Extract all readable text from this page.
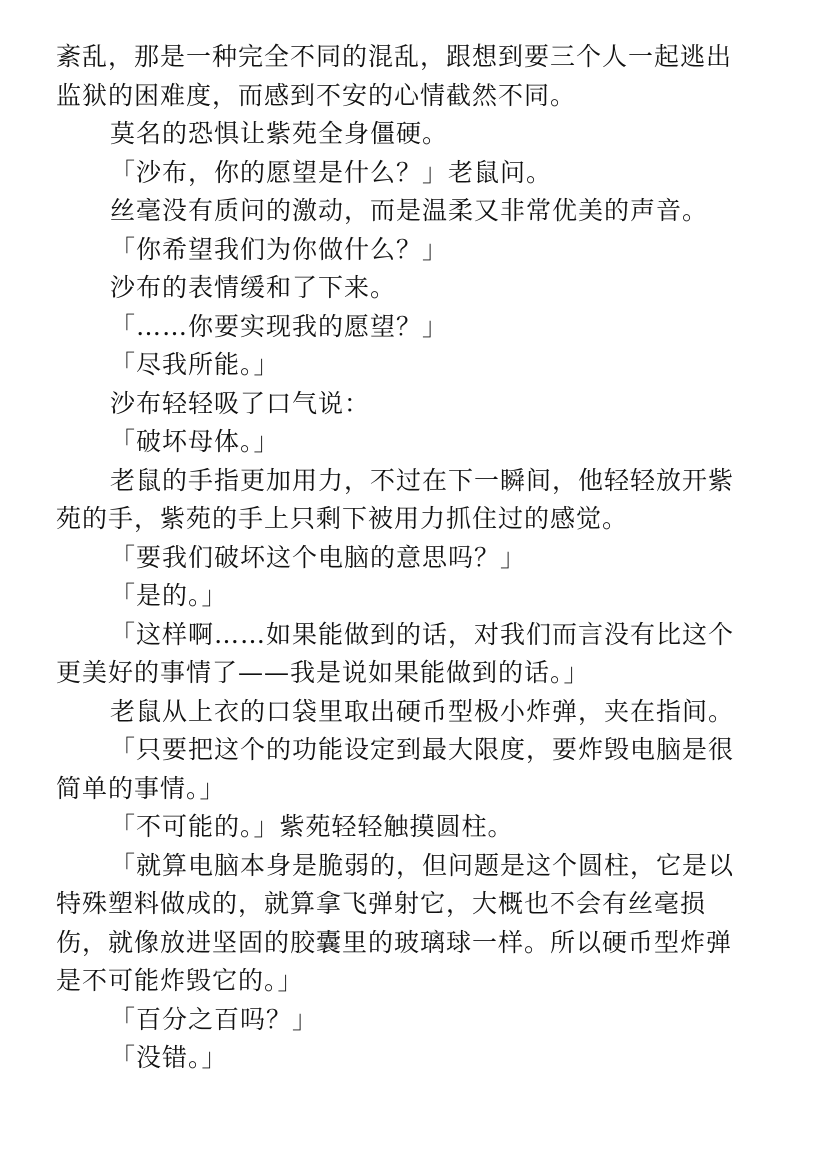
紊乱，那是一种完全不同的混乱，跟想到要三个人一起逃出
监狱的困难度，而感到不安的心情截然不同。

莫名的恐惧让紫苑全身僵硬。

「沙布，你的愿望是什么？」老鼠问。

丝毫没有质问的激动，而是温柔又非常优美的声音。

「你希望我们为你做什么？」

沙布的表情缓和了下来。

「……你要实现我的愿望？」

「尽我所能。」

沙布轻轻吸了口气说：

「破坏母体。」

老鼠的手指更加用力，不过在下一瞬间，他轻轻放开紫
苑的手，紫苑的手上只剩下被用力抓住过的感觉。

「要我们破坏这个电脑的意思吗？」

「是的。」

「这样啊……如果能做到的话，对我们而言没有比这个
更美好的事情了——我是说如果能做到的话。」

老鼠从上衣的口袋里取出硬币型极小炸弹，夹在指间。

「只要把这个的功能设定到最大限度，要炸毁电脑是很
简单的事情。」

「不可能的。」紫苑轻轻触摸圆柱。

「就算电脑本身是脆弱的，但问题是这个圆柱，它是以
特殊塑料做成的，就算拿飞弹射它，大概也不会有丝毫损
伤，就像放进坚固的胶囊里的玻璃球一样。所以硬币型炸弹
是不可能炸毁它的。」

「百分之百吗？」

「没错。」
